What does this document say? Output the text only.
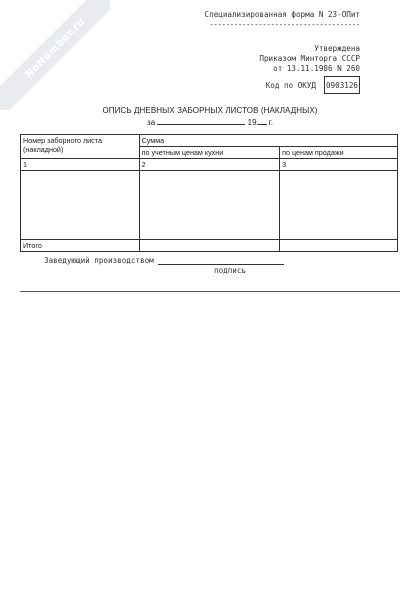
NoNumber.ru
Специализированная форма N 23-ОПит
-------------------------------------
Утверждена
Приказом Минторга СССР
от 13.11.1986 N 260
Код по ОКУД 0903126
ОПИСЬ ДНЕВНЫХ ЗАБОРНЫХ ЛИСТОВ (НАКЛАДНЫХ)
за	19 г.
Номер заборного листа (накладной)	Сумма	
	по учетным ценам кухни	по ценам продажи
1	2	3

Итого		
Заведующий производством
подпись
